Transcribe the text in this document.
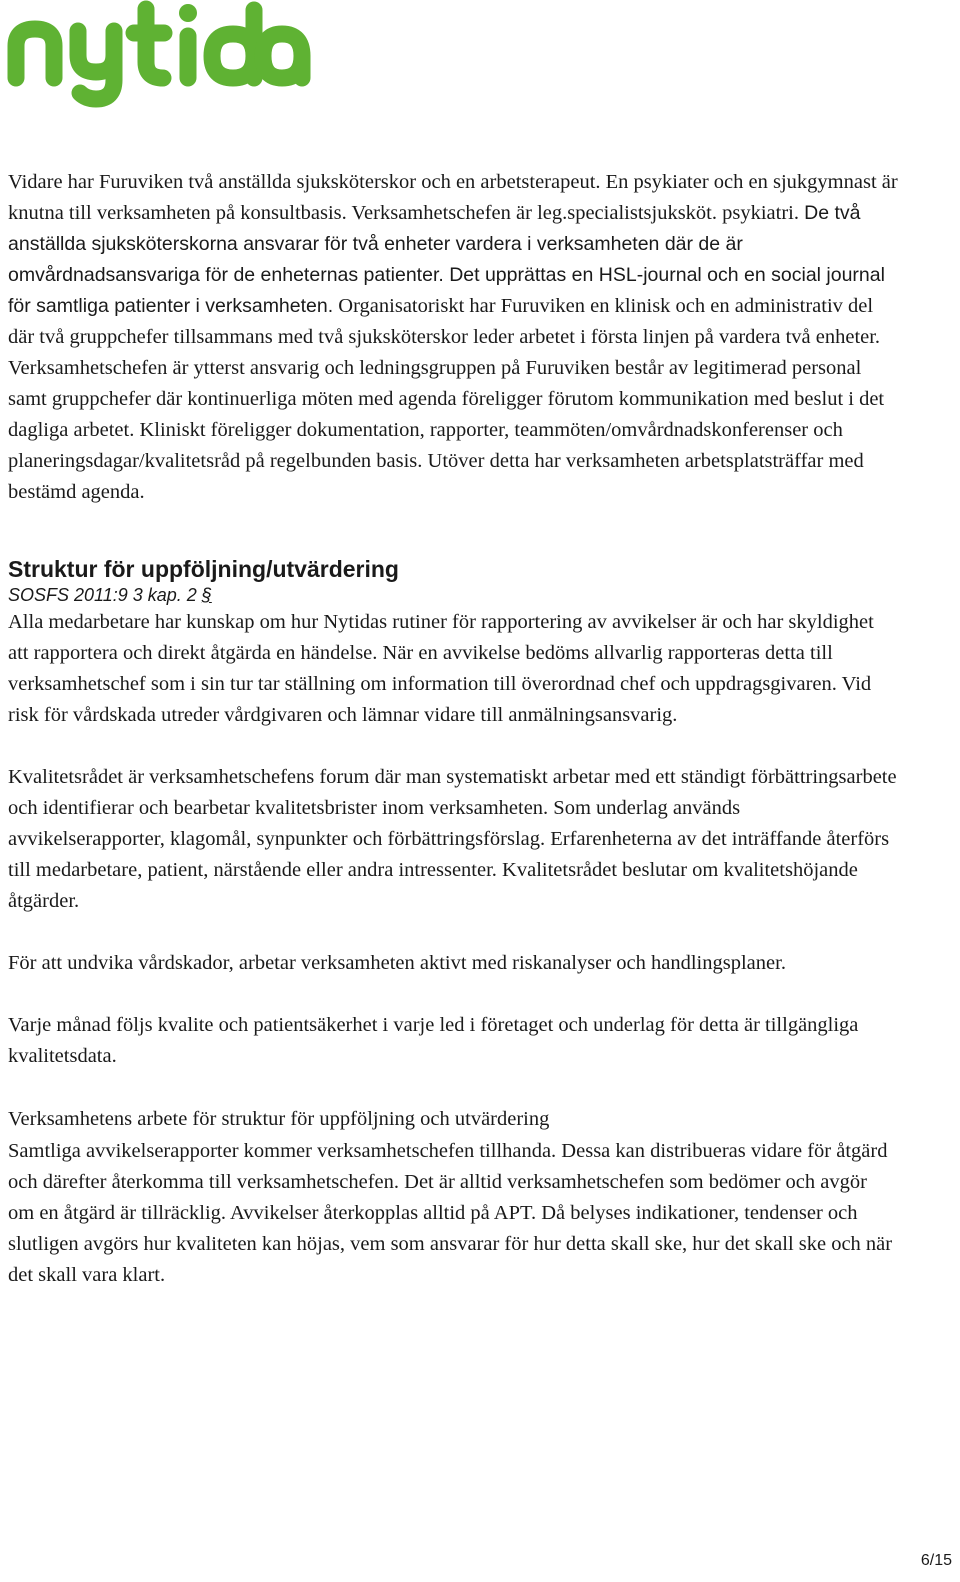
Vidare har Furuviken två anställda sjuksköterskor och en arbetsterapeut. En psykiater och en sjukgymnast är knutna till verksamheten på konsultbasis. Verksamhetschefen är leg.specialistsjuksköt. psykiatri. De två anställda sjuksköterskorna ansvarar för två enheter vardera i verksamheten där de är omvårdnadsansvariga för de enheternas patienter. Det upprättas en HSL-journal och en social journal för samtliga patienter i verksamheten. Organisatoriskt har Furuviken en klinisk och en administrativ del där två gruppchefer tillsammans med två sjuksköterskor leder arbetet i första linjen på vardera två enheter. Verksamhetschefen är ytterst ansvarig och ledningsgruppen på Furuviken består av legitimerad personal samt gruppchefer där kontinuerliga möten med agenda föreligger förutom kommunikation med beslut i det dagliga arbetet. Kliniskt föreligger dokumentation, rapporter, teammöten/omvårdnadskonferenser och planeringsdagar/kvalitetsråd på regelbunden basis. Utöver detta har verksamheten arbetsplatsträffar med bestämd agenda.

Struktur för uppföljning/utvärdering

SOSFS 2011:9 3 kap. 2 §

Alla medarbetare har kunskap om hur Nytidas rutiner för rapportering av avvikelser är och har skyldighet att rapportera och direkt åtgärda en händelse. När en avvikelse bedöms allvarlig rapporteras detta till verksamhetschef som i sin tur tar ställning om information till överordnad chef och uppdragsgivaren. Vid risk för vårdskada utreder vårdgivaren och lämnar vidare till anmälningsansvarig.

Kvalitetsrådet är verksamhetschefens forum där man systematiskt arbetar med ett ständigt förbättringsarbete och identifierar och bearbetar kvalitetsbrister inom verksamheten. Som underlag används avvikelserapporter, klagomål, synpunkter och förbättringsförslag. Erfarenheterna av det inträffande återförs till medarbetare, patient, närstående eller andra intressenter. Kvalitetsrådet beslutar om kvalitetshöjande åtgärder.

För att undvika vårdskador, arbetar verksamheten aktivt med riskanalyser och handlingsplaner.

Varje månad följs kvalite och patientsäkerhet i varje led i företaget och underlag för detta är tillgängliga kvalitetsdata.

Verksamhetens arbete för struktur för uppföljning och utvärdering

Samtliga avvikelserapporter kommer verksamhetschefen tillhanda. Dessa kan distribueras vidare för åtgärd och därefter återkomma till verksamhetschefen. Det är alltid verksamhetschefen som bedömer och avgör om en åtgärd är tillräcklig. Avvikelser återkopplas alltid på APT. Då belyses indikationer, tendenser och slutligen avgörs hur kvaliteten kan höjas, vem som ansvarar för hur detta skall ske, hur det skall ske och när det skall vara klart.

6/15
